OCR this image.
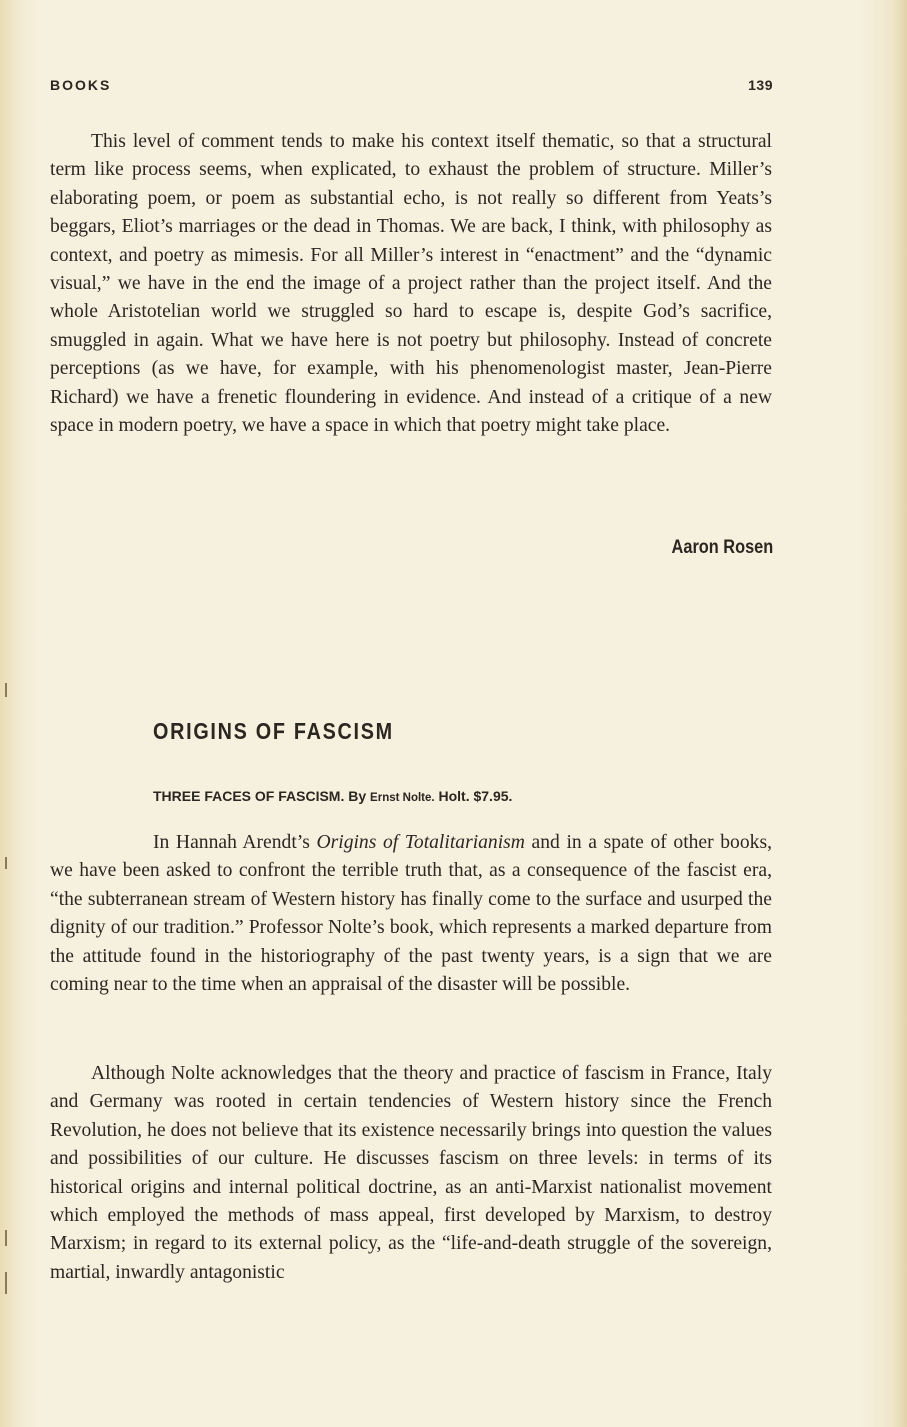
BOOKS	139

This level of comment tends to make his context itself thematic, so that a structural term like process seems, when explicated, to exhaust the problem of structure. Miller’s elaborating poem, or poem as substantial echo, is not really so different from Yeats’s beggars, Eliot’s marriages or the dead in Thomas. We are back, I think, with philosophy as context, and poetry as mimesis. For all Miller’s interest in “enactment” and the “dynamic visual,” we have in the end the image of a project rather than the project itself. And the whole Aristotelian world we struggled so hard to escape is, despite God’s sacrifice, smuggled in again. What we have here is not poetry but philosophy. Instead of concrete perceptions (as we have, for example, with his phenomenologist master, Jean-Pierre Richard) we have a frenetic floundering in evidence. And instead of a critique of a new space in modern poetry, we have a space in which that poetry might take place.

Aaron Rosen
ORIGINS OF FASCISM
THREE FACES OF FASCISM. By Ernst Nolte. Holt. $7.95.

In Hannah Arendt’s Origins of Totalitarianism and in a spate of other books, we have been asked to confront the terrible truth that, as a consequence of the fascist era, “the subterranean stream of Western history has finally come to the surface and usurped the dignity of our tradition.” Professor Nolte’s book, which represents a marked departure from the attitude found in the historiography of the past twenty years, is a sign that we are coming near to the time when an appraisal of the disaster will be possible.

Although Nolte acknowledges that the theory and practice of fascism in France, Italy and Germany was rooted in certain tendencies of Western history since the French Revolution, he does not believe that its existence necessarily brings into question the values and possibilities of our culture. He discusses fascism on three levels: in terms of its historical origins and internal political doctrine, as an anti-Marxist nationalist movement which employed the methods of mass appeal, first developed by Marxism, to destroy Marxism; in regard to its external policy, as the “life-and-death struggle of the sovereign, martial, inwardly antagonistic
